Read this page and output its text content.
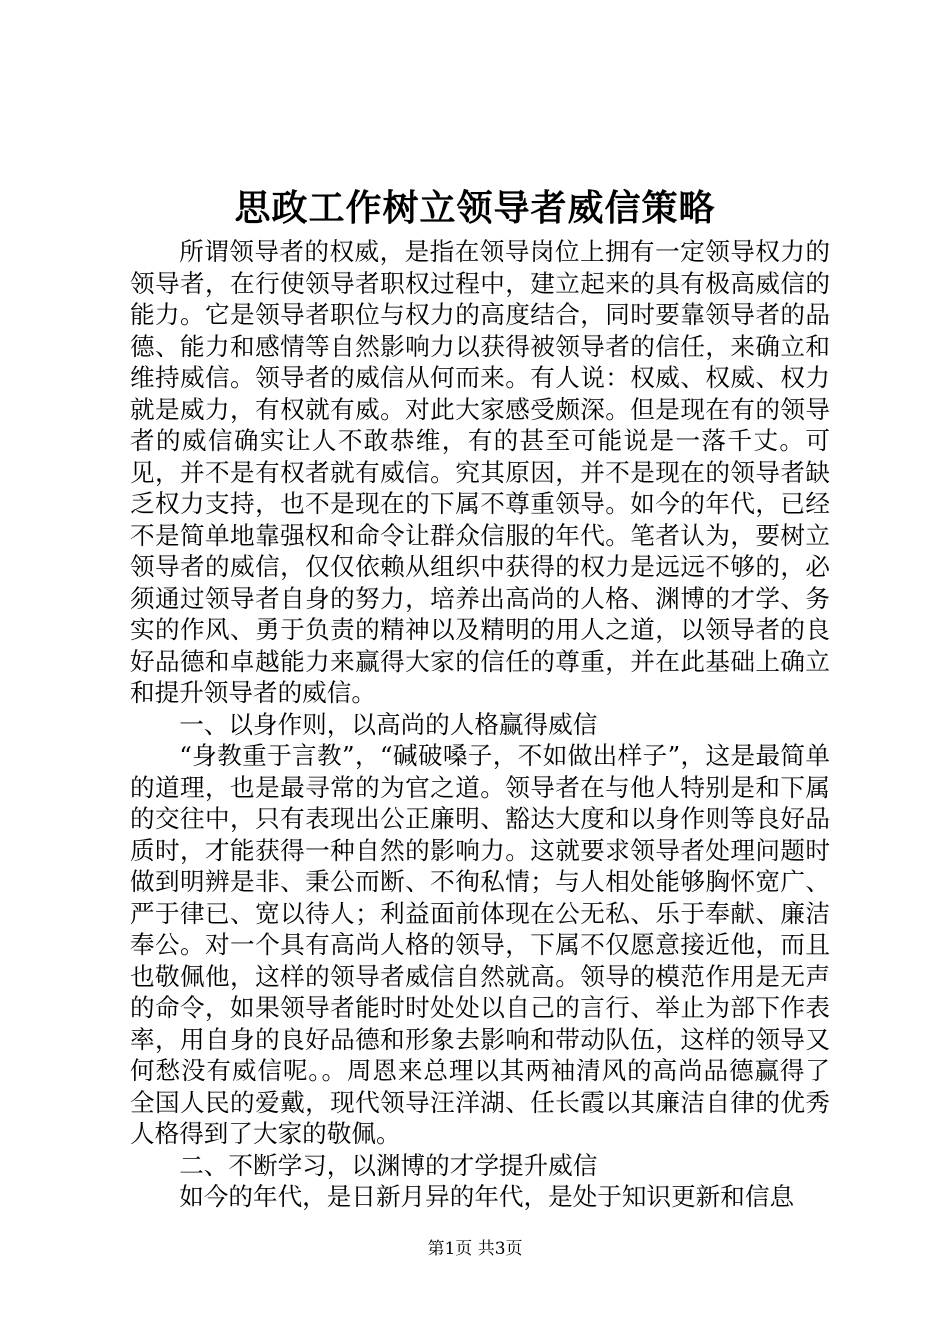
思政工作树立领导者威信策略

所谓领导者的权威，是指在领导岗位上拥有一定领导权力的领导者，在行使领导者职权过程中，建立起来的具有极高威信的能力。它是领导者职位与权力的高度结合，同时要靠领导者的品德、能力和感情等自然影响力以获得被领导者的信任，来确立和维持威信。领导者的威信从何而来。有人说：权威、权威、权力就是威力，有权就有威。对此大家感受颇深。但是现在有的领导者的威信确实让人不敢恭维，有的甚至可能说是一落千丈。可见，并不是有权者就有威信。究其原因，并不是现在的领导者缺乏权力支持，也不是现在的下属不尊重领导。如今的年代，已经不是简单地靠强权和命令让群众信服的年代。笔者认为，要树立领导者的威信，仅仅依赖从组织中获得的权力是远远不够的，必须通过领导者自身的努力，培养出高尚的人格、渊博的才学、务实的作风、勇于负责的精神以及精明的用人之道，以领导者的良好品德和卓越能力来赢得大家的信任的尊重，并在此基础上确立和提升领导者的威信。

一、以身作则，以高尚的人格赢得威信

“身教重于言教”，“碱破嗓子，不如做出样子”，这是最简单的道理，也是最寻常的为官之道。领导者在与他人特别是和下属的交往中，只有表现出公正廉明、豁达大度和以身作则等良好品质时，才能获得一种自然的影响力。这就要求领导者处理问题时做到明辨是非、秉公而断、不徇私情；与人相处能够胸怀宽广、严于律已、宽以待人；利益面前体现在公无私、乐于奉献、廉洁奉公。对一个具有高尚人格的领导，下属不仅愿意接近他，而且也敬佩他，这样的领导者威信自然就高。领导的模范作用是无声的命令，如果领导者能时时处处以自己的言行、举止为部下作表率，用自身的良好品德和形象去影响和带动队伍，这样的领导又何愁没有威信呢。。周恩来总理以其两袖清风的高尚品德赢得了全国人民的爱戴，现代领导汪洋湖、任长霞以其廉洁自律的优秀人格得到了大家的敬佩。

二、不断学习，以渊博的才学提升威信

如今的年代，是日新月异的年代，是处于知识更新和信息

第1页 共3页
